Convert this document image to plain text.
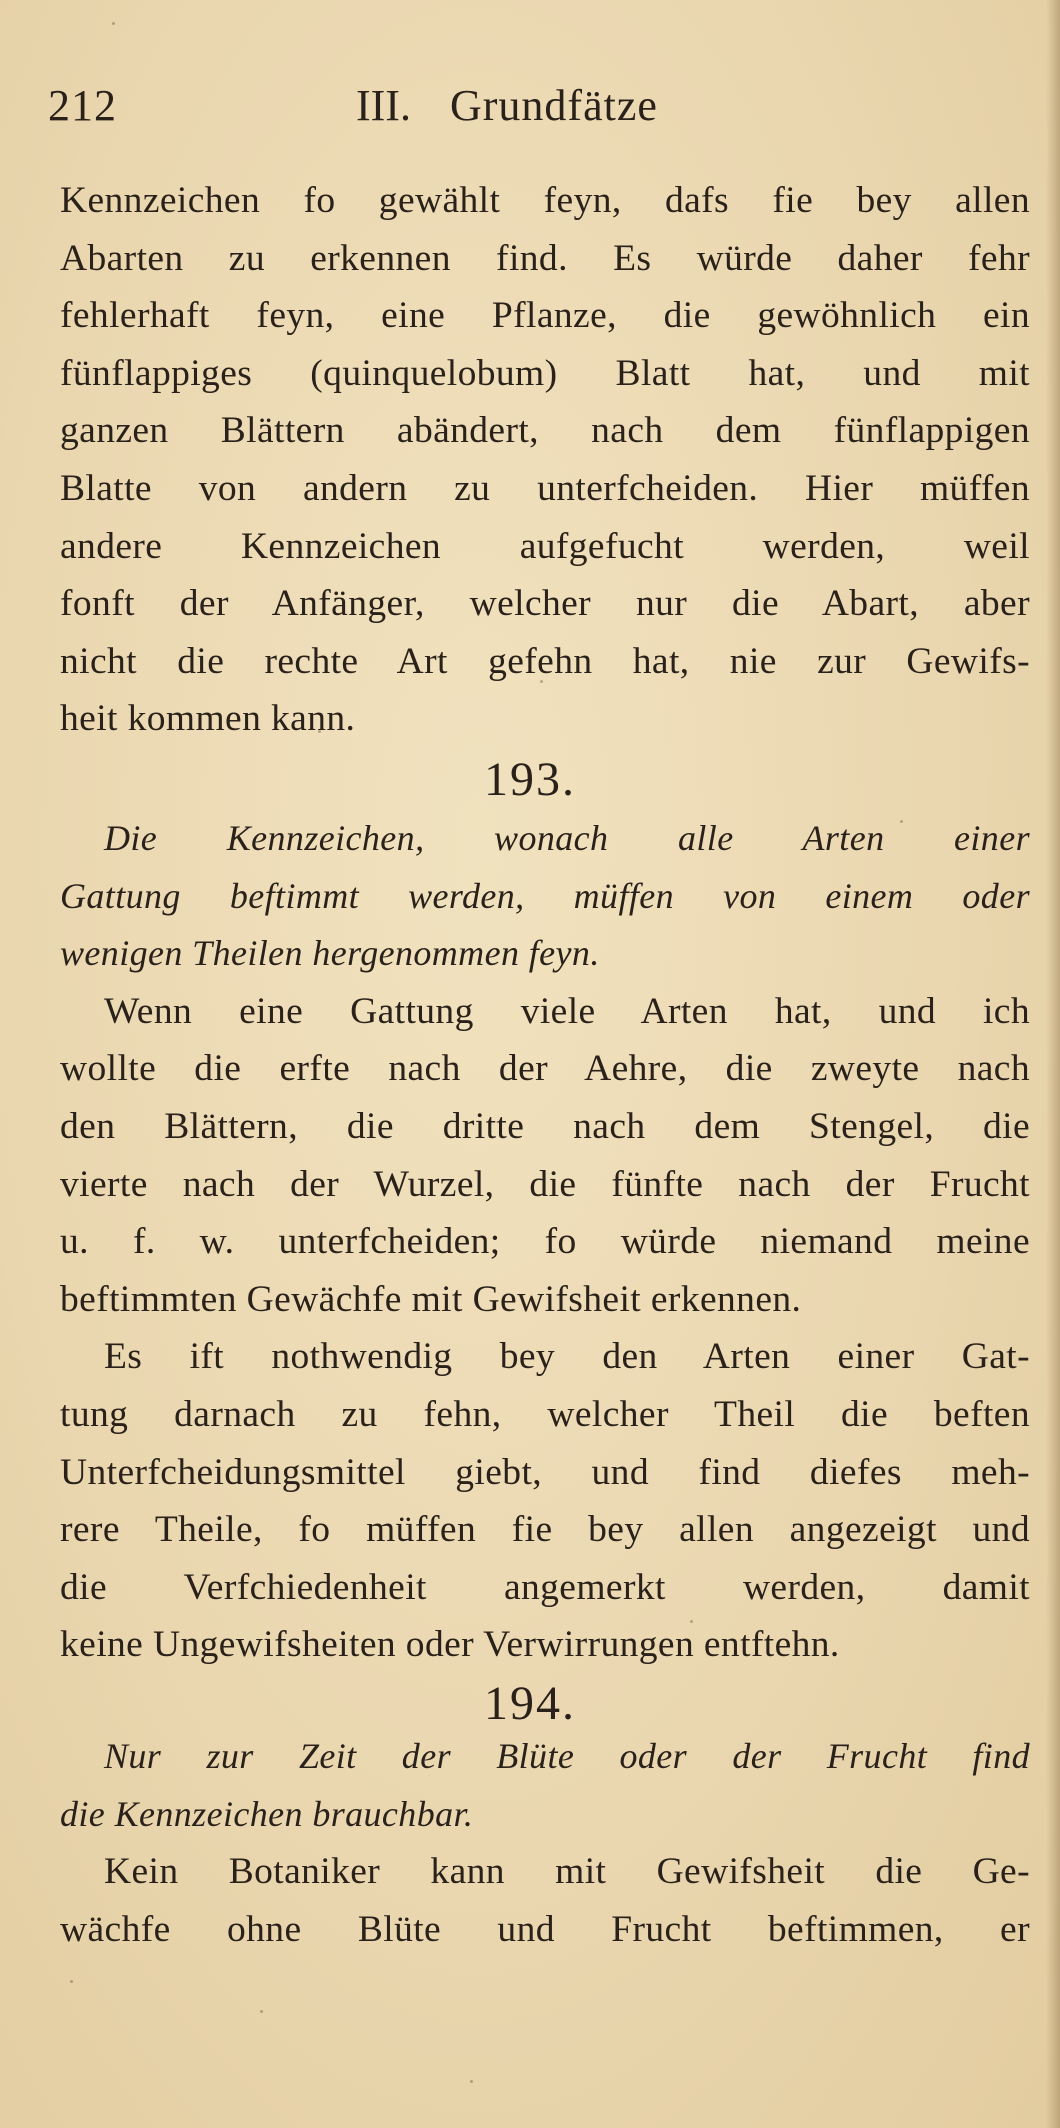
212	III. Grundfätze
Kennzeichen fo gewählt feyn, dafs fie bey allen
Abarten zu erkennen find. Es würde daher fehr
fehlerhaft feyn, eine Pflanze, die gewöhnlich ein
fünflappiges (quinquelobum) Blatt hat, und mit
ganzen Blättern abändert, nach dem fünflappigen
Blatte von andern zu unterfcheiden. Hier müffen
andere Kennzeichen aufgefucht werden, weil
fonft der Anfänger, welcher nur die Abart, aber
nicht die rechte Art gefehn hat, nie zur Gewifs-
heit kommen kann.
193.
Die Kennzeichen, wonach alle Arten einer
Gattung beftimmt werden, müffen von einem oder
wenigen Theilen hergenommen feyn.
Wenn eine Gattung viele Arten hat, und ich
wollte die erfte nach der Aehre, die zweyte nach
den Blättern, die dritte nach dem Stengel, die
vierte nach der Wurzel, die fünfte nach der Frucht
u. f. w. unterfcheiden; fo würde niemand meine
beftimmten Gewächfe mit Gewifsheit erkennen.
Es ift nothwendig bey den Arten einer Gat-
tung darnach zu fehn, welcher Theil die beften
Unterfcheidungsmittel giebt, und find diefes meh-
rere Theile, fo müffen fie bey allen angezeigt und
die Verfchiedenheit angemerkt werden, damit
keine Ungewifsheiten oder Verwirrungen entftehn.
194.
Nur zur Zeit der Blüte oder der Frucht find
die Kennzeichen brauchbar.
Kein Botaniker kann mit Gewifsheit die Ge-
wächfe ohne Blüte und Frucht beftimmen, er
